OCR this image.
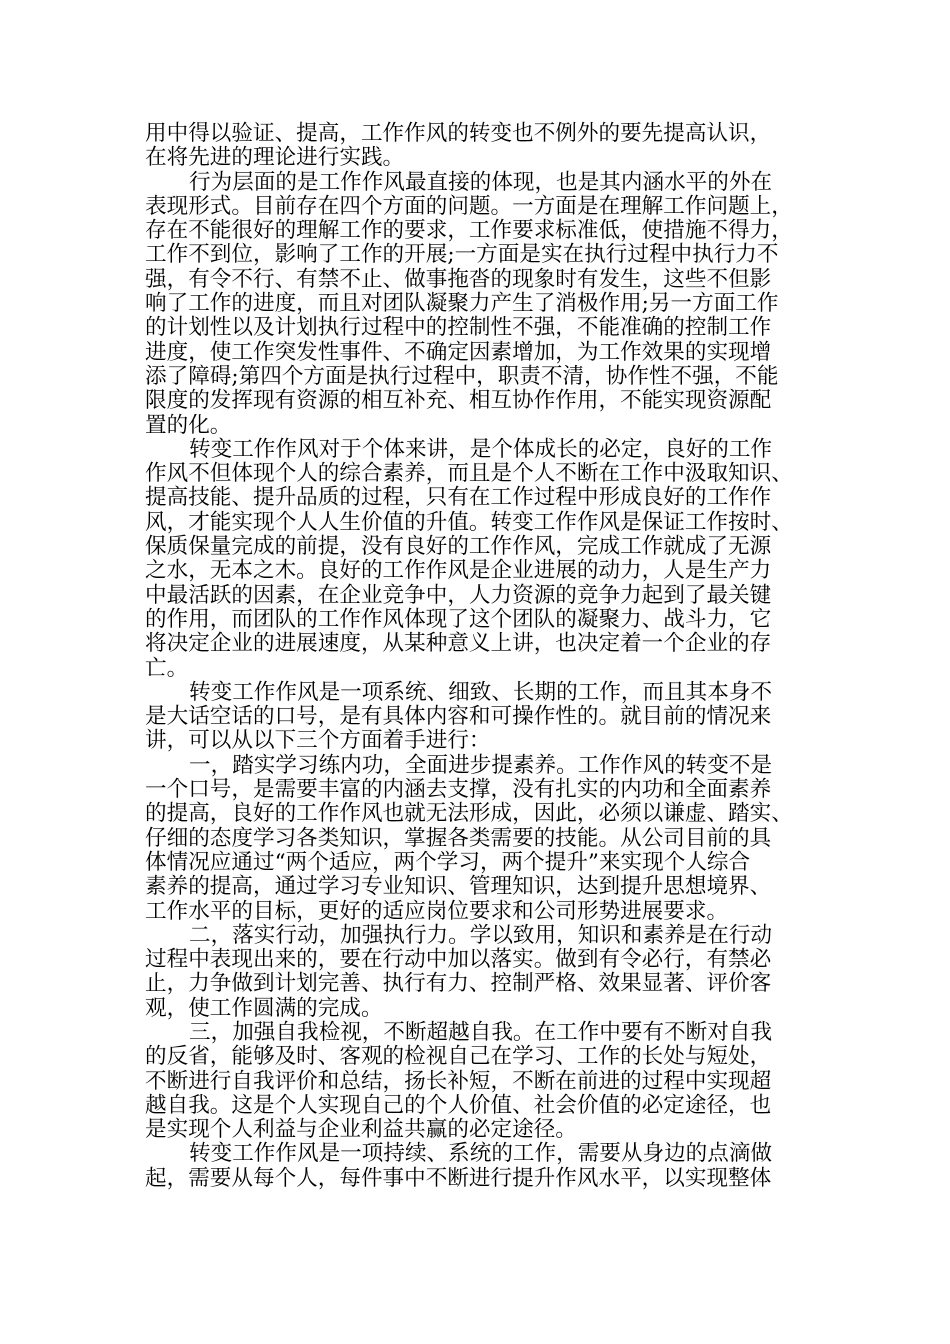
用中得以验证、提高，工作作风的转变也不例外的要先提高认识，
在将先进的理论进行实践。
行为层面的是工作作风最直接的体现，也是其内涵水平的外在
表现形式。目前存在四个方面的问题。一方面是在理解工作问题上，
存在不能很好的理解工作的要求，工作要求标准低，使措施不得力，
工作不到位，影响了工作的开展;一方面是实在执行过程中执行力不
强，有令不行、有禁不止、做事拖沓的现象时有发生，这些不但影
响了工作的进度，而且对团队凝聚力产生了消极作用;另一方面工作
的计划性以及计划执行过程中的控制性不强，不能准确的控制工作
进度，使工作突发性事件、不确定因素增加，为工作效果的实现增
添了障碍;第四个方面是执行过程中，职责不清，协作性不强，不能
限度的发挥现有资源的相互补充、相互协作作用，不能实现资源配
置的化。
转变工作作风对于个体来讲，是个体成长的必定，良好的工作
作风不但体现个人的综合素养，而且是个人不断在工作中汲取知识、
提高技能、提升品质的过程，只有在工作过程中形成良好的工作作
风，才能实现个人人生价值的升值。转变工作作风是保证工作按时、
保质保量完成的前提，没有良好的工作作风，完成工作就成了无源
之水，无本之木。良好的工作作风是企业进展的动力，人是生产力
中最活跃的因素，在企业竞争中，人力资源的竞争力起到了最关键
的作用，而团队的工作作风体现了这个团队的凝聚力、战斗力，它
将决定企业的进展速度，从某种意义上讲，也决定着一个企业的存
亡。
转变工作作风是一项系统、细致、长期的工作，而且其本身不
是大话空话的口号，是有具体内容和可操作性的。就目前的情况来
讲，可以从以下三个方面着手进行：
一，踏实学习练内功，全面进步提素养。工作作风的转变不是
一个口号，是需要丰富的内涵去支撑，没有扎实的内功和全面素养
的提高，良好的工作作风也就无法形成，因此，必须以谦虚、踏实、
仔细的态度学习各类知识，掌握各类需要的技能。从公司目前的具
体情况应通过“两个适应，两个学习，两个提升”来实现个人综合
素养的提高，通过学习专业知识、管理知识，达到提升思想境界、
工作水平的目标，更好的适应岗位要求和公司形势进展要求。
二，落实行动，加强执行力。学以致用，知识和素养是在行动
过程中表现出来的，要在行动中加以落实。做到有令必行，有禁必
止，力争做到计划完善、执行有力、控制严格、效果显著、评价客
观，使工作圆满的完成。
三，加强自我检视，不断超越自我。在工作中要有不断对自我
的反省，能够及时、客观的检视自己在学习、工作的长处与短处，
不断进行自我评价和总结，扬长补短，不断在前进的过程中实现超
越自我。这是个人实现自己的个人价值、社会价值的必定途径，也
是实现个人利益与企业利益共赢的必定途径。
转变工作作风是一项持续、系统的工作，需要从身边的点滴做
起，需要从每个人，每件事中不断进行提升作风水平，以实现整体
